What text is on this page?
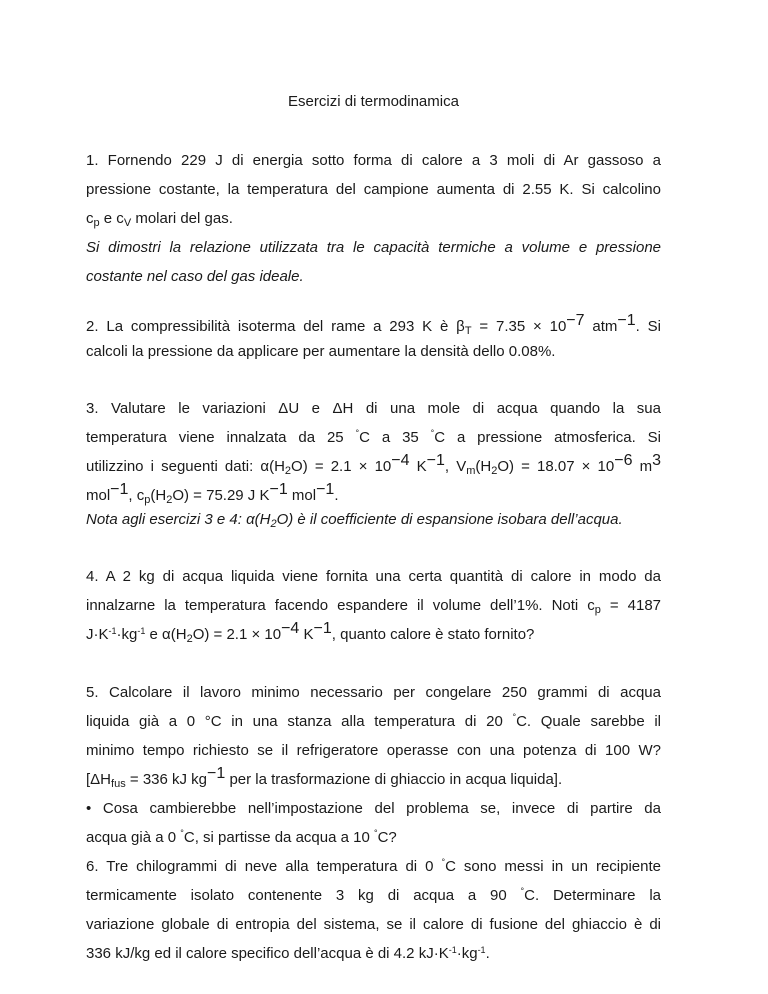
Esercizi di termodinamica
1. Fornendo 229 J di energia sotto forma di calore a 3 moli di Ar gassoso a
pressione costante, la temperatura del campione aumenta di 2.55 K. Si calcolino
$c_p$ e $c_V$ molari del gas.
Si dimostri la relazione utilizzata tra le capacità termiche a volume e pressione
costante nel caso del gas ideale.
2. La compressibilità isoterma del rame a 293 K è $\beta_T = 7.35 \times 10^{-7}$ atm$^{-1}$. Si
calcoli la pressione da applicare per aumentare la densità dello 0.08%.
3. Valutare le variazioni ΔU e ΔH di una mole di acqua quando la sua
temperatura viene innalzata da 25 °C a 35 °C a pressione atmosferica. Si
utilizzino i seguenti dati: $\alpha(H_2O) = 2.1 \times 10^{-4}$ $K^{-1}$, $V_m(H_2O) = 18.07 \times 10^{-6}$ $m^3$
mol$^{-1}$, $c_p(H_2O) = 75.29$ J $K^{-1}$ mol$^{-1}$.
Nota agli esercizi 3 e 4: $\alpha(H_2O)$ è il coefficiente di espansione isobara dell’acqua.
4. A 2 kg di acqua liquida viene fornita una certa quantità di calore in modo da
innalzarne la temperatura facendo espandere il volume dell’1%. Noti $c_p = 4187$
$J\cdot K^{-1}\cdot kg^{-1}$ e $\alpha(H_2O) = 2.1 \times 10^{-4}$ $K^{-1}$, quanto calore è stato fornito?
5. Calcolare il lavoro minimo necessario per congelare 250 grammi di acqua
liquida già a 0 °C in una stanza alla temperatura di 20 °C. Quale sarebbe il
minimo tempo richiesto se il refrigeratore operasse con una potenza di 100 W?
[$\Delta H_{fus} = 336$ kJ $kg^{-1}$ per la trasformazione di ghiaccio in acqua liquida].
• Cosa cambierebbe nell’impostazione del problema se, invece di partire da
acqua già a 0 °C, si partisse da acqua a 10 °C?
6. Tre chilogrammi di neve alla temperatura di 0 °C sono messi in un recipiente
termicamente isolato contenente 3 kg di acqua a 90 °C. Determinare la
variazione globale di entropia del sistema, se il calore di fusione del ghiaccio è di
336 kJ/kg ed il calore specifico dell’acqua è di 4.2 $kJ\cdot K^{-1}\cdot kg^{-1}$.
